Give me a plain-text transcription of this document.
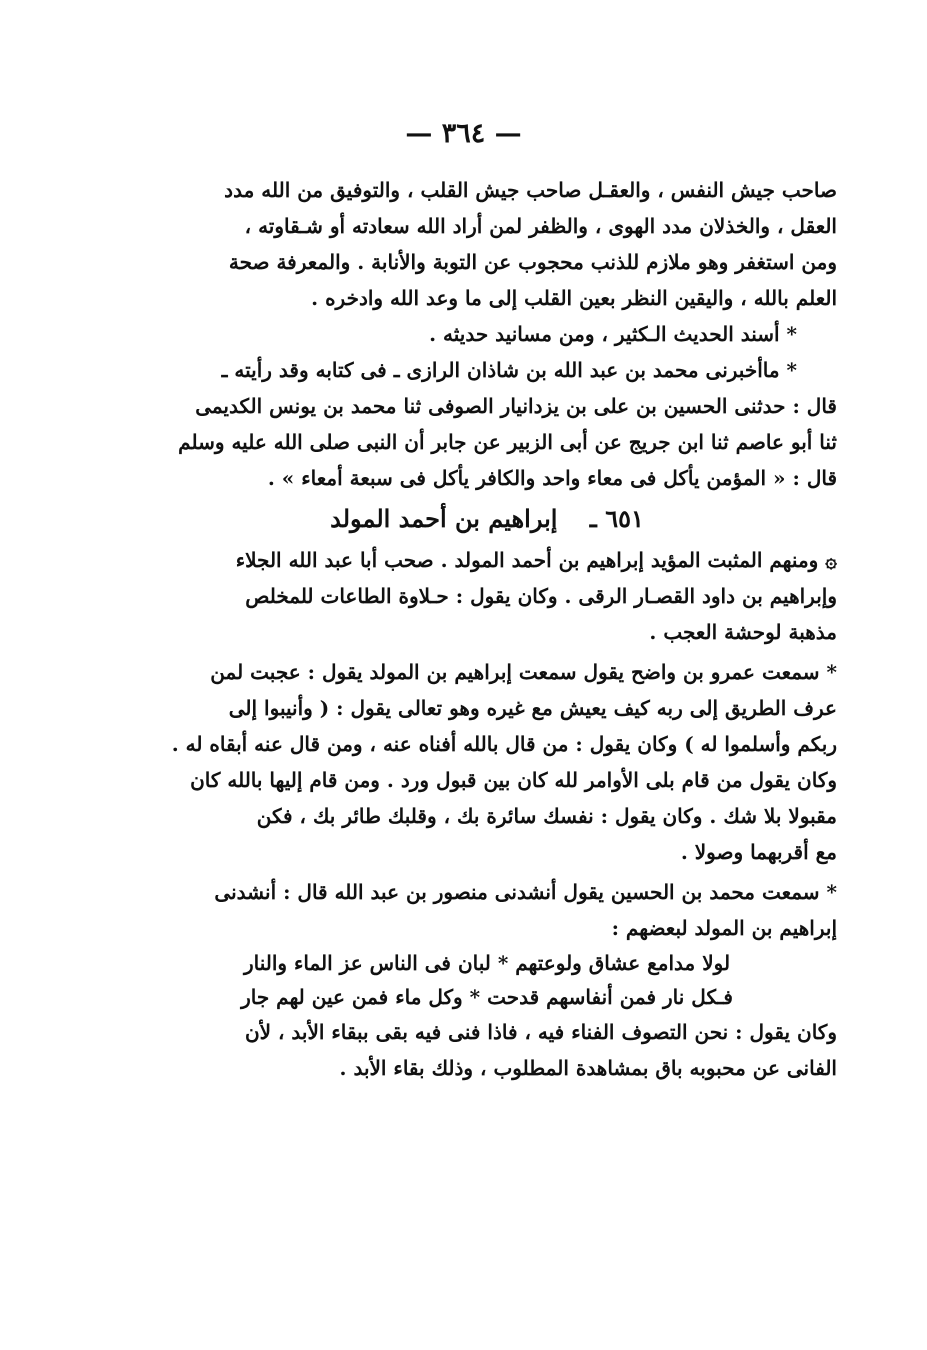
— ٣٦٤ —
صاحب جيش النفس ، والعقـل صاحب جيش القلب ، والتوفيق من الله مدد
العقل ، والخذلان مدد الهوى ، والظفر لمن أراد الله سعادته أو شـقاوته ،
ومن استغفر وهو ملازم للذنب محجوب عن التوبة والأنابة . والمعرفة صحة
العلم بالله ، واليقين النظر بعين القلب إلى ما وعد الله وادخره .
* أسند الحديث الـكثير ، ومن مسانيد حديثه .
* ماأخبرنى محمد بن عبد الله بن شاذان الرازى ـ فى كتابه وقد رأيته ـ
قال : حدثنى الحسين بن على بن يزدانيار الصوفى ثنا محمد بن يونس الكديمى
ثنا أبو عاصم ثنا ابن جريج عن أبى الزبير عن جابر أن النبى صلى الله عليه وسلم
قال : « المؤمن يأكل فى معاء واحد والكافر يأكل فى سبعة أمعاء » .
٦٥١ ـ إبراهيم بن أحمد المولد
۞ ومنهم المثبت المؤيد إبراهيم بن أحمد المولد . صحب أبا عبد الله الجلاء
وإبراهيم بن داود القصـار الرقى . وكان يقول : حـلاوة الطاعات للمخلص
مذهبة لوحشة العجب .
* سمعت عمرو بن واضح يقول سمعت إبراهيم بن المولد يقول : عجبت لمن
عرف الطريق إلى ربه كيف يعيش مع غيره وهو تعالى يقول : ( وأنيبوا إلى
ربكم وأسلموا له ) وكان يقول : من قال بالله أفناه عنه ، ومن قال عنه أبقاه له .
وكان يقول من قام بلى الأوامر لله كان بين قبول ورد . ومن قام إليها بالله كان
مقبولا بلا شك . وكان يقول : نفسك سائرة بك ، وقلبك طائر بك ، فكن
مع أقربهما وصولا .
* سمعت محمد بن الحسين يقول أنشدنى منصور بن عبد الله قال : أنشدنى
إبراهيم بن المولد لبعضهم :
لولا مدامع عشاق ولوعتهم * لبان فى الناس عز الماء والنار
فـكل نار فمن أنفاسهم قدحت * وكل ماء فمن عين لهم جار
وكان يقول : نحن التصوف الفناء فيه ، فاذا فنى فيه بقى ببقاء الأبد ، لأن
الفانى عن محبوبه باق بمشاهدة المطلوب ، وذلك بقاء الأبد .
